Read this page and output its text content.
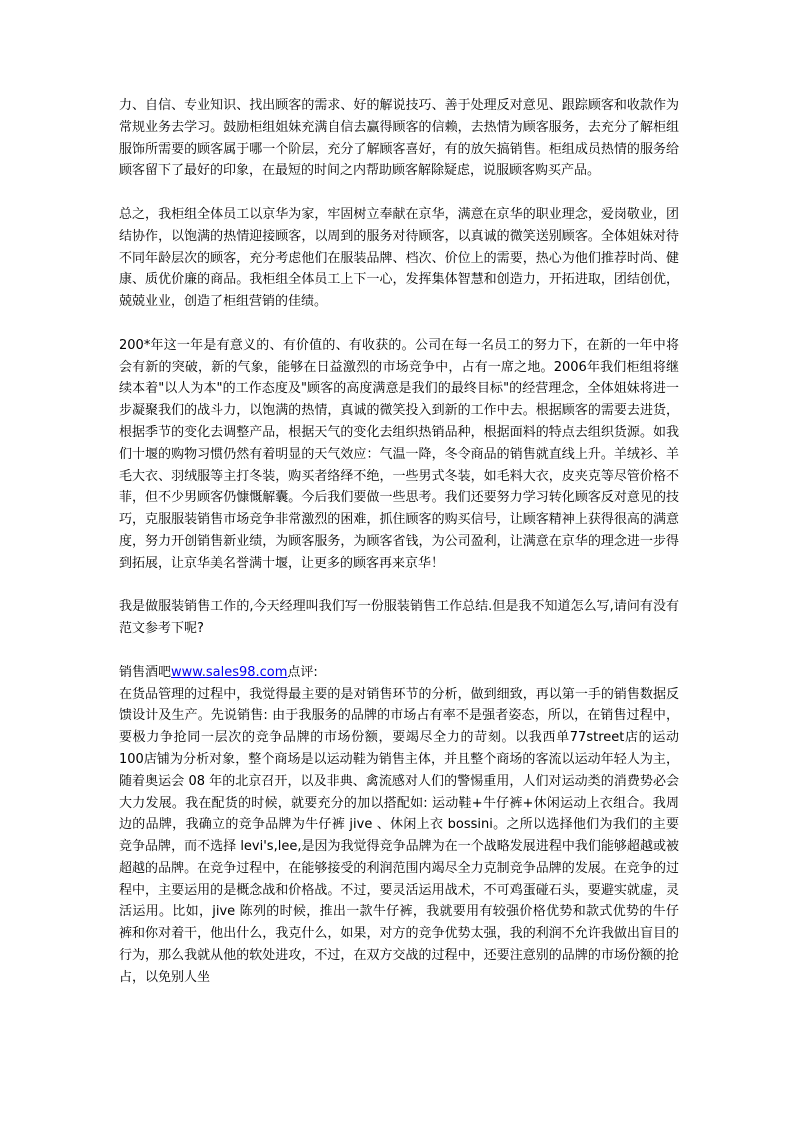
力、自信、专业知识、找出顾客的需求、好的解说技巧、善于处理反对意见、跟踪顾客和收款作为常规业务去学习。鼓励柜组姐妹充满自信去赢得顾客的信赖，去热情为顾客服务，去充分了解柜组服饰所需要的顾客属于哪一个阶层，充分了解顾客喜好，有的放矢搞销售。柜组成员热情的服务给顾客留下了最好的印象，在最短的时间之内帮助顾客解除疑虑，说服顾客购买产品。

总之，我柜组全体员工以京华为家，牢固树立奉献在京华，满意在京华的职业理念，爱岗敬业，团结协作，以饱满的热情迎接顾客，以周到的服务对待顾客，以真诚的微笑送别顾客。全体姐妹对待不同年龄层次的顾客，充分考虑他们在服装品牌、档次、价位上的需要，热心为他们推荐时尚、健康、质优价廉的商品。我柜组全体员工上下一心，发挥集体智慧和创造力，开拓进取，团结创优，兢兢业业，创造了柜组营销的佳绩。

200*年这一年是有意义的、有价值的、有收获的。公司在每一名员工的努力下，在新的一年中将会有新的突破，新的气象，能够在日益激烈的市场竞争中，占有一席之地。2006年我们柜组将继续本着"以人为本"的工作态度及"顾客的高度满意是我们的最终目标"的经营理念，全体姐妹将进一步凝聚我们的战斗力，以饱满的热情，真诚的微笑投入到新的工作中去。根据顾客的需要去进货，根据季节的变化去调整产品，根据天气的变化去组织热销品种，根据面料的特点去组织货源。如我们十堰的购物习惯仍然有着明显的天气效应：气温一降，冬令商品的销售就直线上升。羊绒衫、羊毛大衣、羽绒服等主打冬装，购买者络绎不绝，一些男式冬装，如毛料大衣，皮夹克等尽管价格不菲，但不少男顾客仍慷慨解囊。今后我们要做一些思考。我们还要努力学习转化顾客反对意见的技巧，克服服装销售市场竞争非常激烈的困难，抓住顾客的购买信号，让顾客精神上获得很高的满意度，努力开创销售新业绩，为顾客服务，为顾客省钱，为公司盈利，让满意在京华的理念进一步得到拓展，让京华美名誉满十堰，让更多的顾客再来京华！

我是做服装销售工作的,今天经理叫我们写一份服装销售工作总结.但是我不知道怎么写,请问有没有范文参考下呢?

销售酒吧www.sales98.com点评:

在货品管理的过程中，我觉得最主要的是对销售环节的分析，做到细致，再以第一手的销售数据反馈设计及生产。先说销售: 由于我服务的品牌的市场占有率不是强者姿态，所以，在销售过程中，要极力争抢同一层次的竞争品牌的市场份额，要竭尽全力的苛刻。以我西单77street店的运动 100店铺为分析对象，整个商场是以运动鞋为销售主体，并且整个商场的客流以运动年轻人为主，随着奥运会 08 年的北京召开，以及非典、禽流感对人们的警惕重用，人们对运动类的消费势必会大力发展。我在配货的时候，就要充分的加以搭配如: 运动鞋+牛仔裤+休闲运动上衣组合。我周边的品牌，我确立的竞争品牌为牛仔裤 jive 、休闲上衣 bossini。之所以选择他们为我们的主要竞争品牌，而不选择 levi's,lee,是因为我觉得竞争品牌为在一个战略发展进程中我们能够超越或被超越的品牌。在竞争过程中，在能够接受的利润范围内竭尽全力克制竞争品牌的发展。在竞争的过程中，主要运用的是概念战和价格战。不过，要灵活运用战术，不可鸡蛋碰石头，要避实就虚，灵活运用。比如，jive 陈列的时候，推出一款牛仔裤，我就要用有较强价格优势和款式优势的牛仔裤和你对着干，他出什么，我克什么，如果，对方的竞争优势太强，我的利润不允许我做出盲目的行为，那么我就从他的软处进攻，不过，在双方交战的过程中，还要注意别的品牌的市场份额的抢占，以免别人坐
